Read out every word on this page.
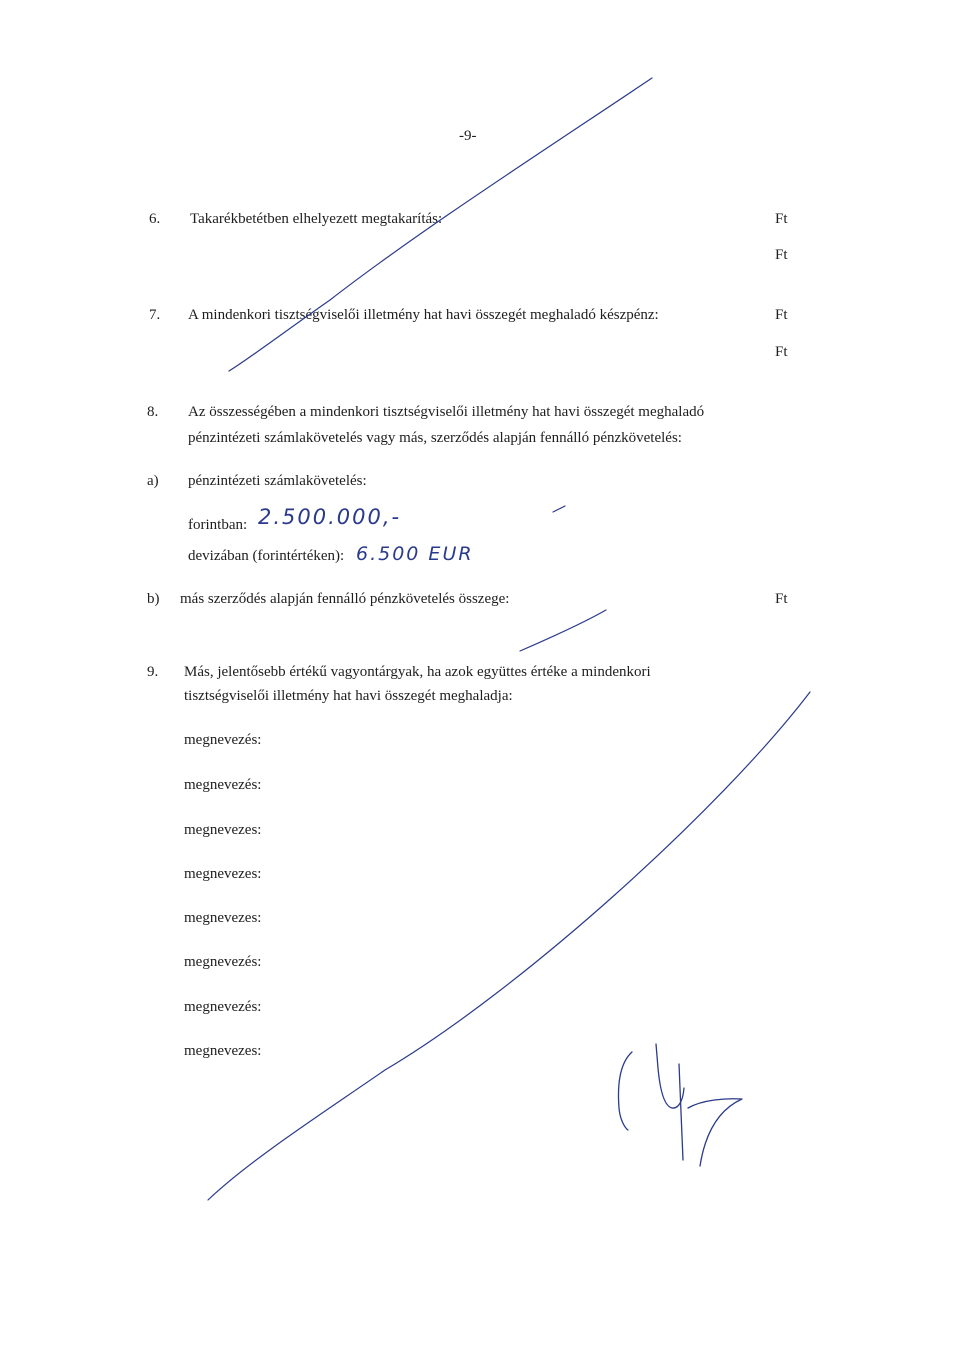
-9-
6. Takarékbetétben elhelyezett megtakarítás:	Ft
Ft
7. A mindenkori tisztségviselői illetmény hat havi összegét meghaladó készpénz:	Ft
Ft
8. Az összességében a mindenkori tisztségviselői illetmény hat havi összegét meghaladó
pénzintézeti számlakövetelés vagy más, szerződés alapján fennálló pénzkövetelés:
a) pénzintézeti számlakövetelés:
forintban: 2.500.000,-
devizában (forintértéken): 6.500 EUR
b) más szerződés alapján fennálló pénzkövetelés összege:	Ft
9. Más, jelentősebb értékű vagyontárgyak, ha azok együttes értéke a mindenkori
tisztségviselői illetmény hat havi összegét meghaladja:
megnevezés:
megnevezés:
megnevezes:
megnevezes:
megnevezes:
megnevezés:
megnevezés:
megnevezes:
